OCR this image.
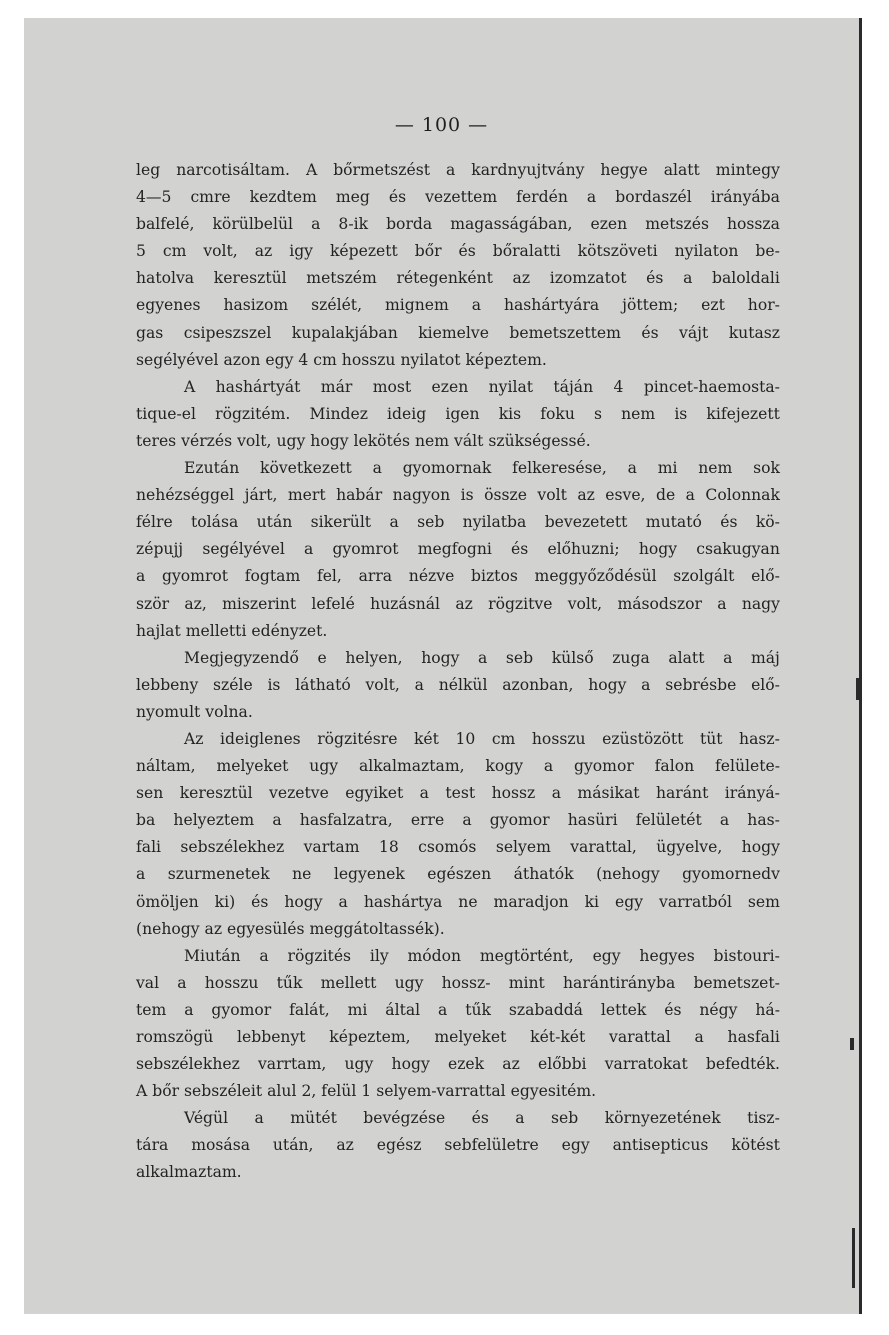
— 100 —
leg narcotisáltam. A bőrmetszést a kardnyujtvány hegye alatt mintegy
4—5 cmre kezdtem meg és vezettem ferdén a bordaszél irányába
balfelé, körülbelül a 8-ik borda magasságában, ezen metszés hossza
5 cm volt, az igy képezett bőr és bőralatti kötszöveti nyilaton be-
hatolva keresztül metszém rétegenként az izomzatot és a baloldali
egyenes hasizom szélét, mignem a hashártyára jöttem; ezt hor-
gas csipeszszel kupalakjában kiemelve bemetszettem és vájt kutasz
segélyével
azon
egy
4
cm
hosszu
nyilatot
képeztem.
A hashártyát már most ezen nyilat táján 4 pincet-haemosta-
tique-el rögzitém. Mindez ideig igen kis foku s nem is kifejezett
teres
vérzés
volt,
ugy
hogy
lekötés
nem
vált
szükségessé.
Ezután következett a gyomornak felkeresése, a mi nem sok
nehézséggel járt, mert habár nagyon is össze volt az esve, de a Colonnak
félre tolása után sikerült a seb nyilatba bevezetett mutató és kö-
zépujj segélyével a gyomrot megfogni és előhuzni; hogy csakugyan
a gyomrot fogtam fel, arra nézve biztos meggyőződésül szolgált elő-
ször az, miszerint lefelé huzásnál az rögzitve volt, másodszor a nagy
hajlat
melletti
edényzet.
Megjegyzendő e helyen, hogy a seb külső zuga alatt a máj
lebbeny széle is látható volt, a nélkül azonban, hogy a sebrésbe elő-
nyomult
volna.
Az ideiglenes rögzitésre két 10 cm hosszu ezüstözött tüt hasz-
náltam, melyeket ugy alkalmaztam, kogy a gyomor falon felülete-
sen keresztül vezetve egyiket a test hossz a másikat haránt irányá-
ba helyeztem a hasfalzatra, erre a gyomor hasüri felületét a has-
fali sebszélekhez vartam 18 csomós selyem varattal, ügyelve, hogy
a szurmenetek ne legyenek egészen áthatók (nehogy gyomornedv
ömöljen ki) és hogy a hashártya ne maradjon ki egy varratból sem
(nehogy
az
egyesülés
meggátoltassék).
Miután a rögzités ily módon megtörtént, egy hegyes bistouri-
val a hosszu tűk mellett ugy hossz- mint harántirányba bemetszet-
tem a gyomor falát, mi által a tűk szabaddá lettek és négy há-
romszögü lebbenyt képeztem, melyeket két-két varattal a hasfali
sebszélekhez varrtam, ugy hogy ezek az előbbi varratokat befedték.
A
bőr
sebszéleit
alul
2,
felül
1
selyem-varrattal
egyesitém.
Végül a mütét bevégzése és a seb környezetének tisz-
tára mosása után, az egész sebfelületre egy antisepticus kötést
alkalmaztam.
